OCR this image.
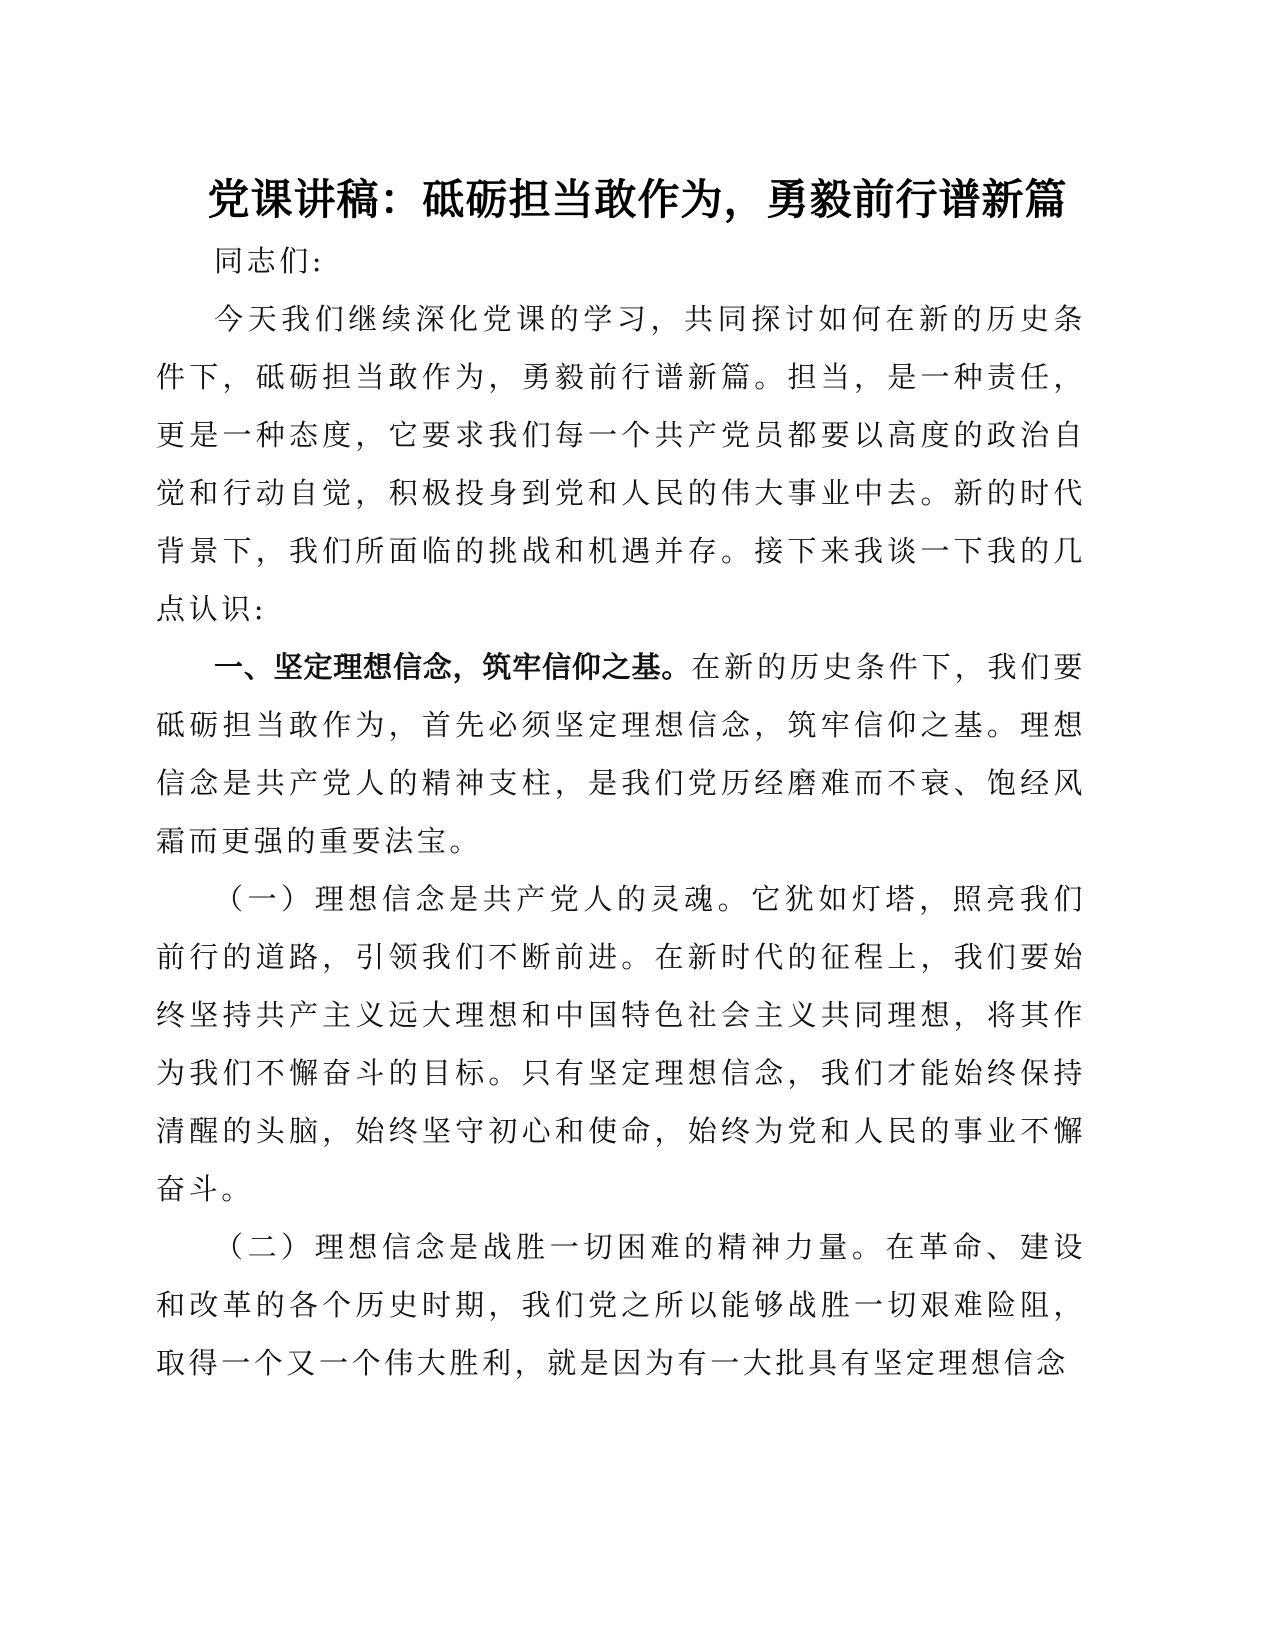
党课讲稿：砥砺担当敢作为，勇毅前行谱新篇

同志们:

今天我们继续深化党课的学习，共同探讨如何在新的历史条件下，砥砺担当敢作为，勇毅前行谱新篇。担当，是一种责任，更是一种态度，它要求我们每一个共产党员都要以高度的政治自觉和行动自觉，积极投身到党和人民的伟大事业中去。新的时代背景下，我们所面临的挑战和机遇并存。接下来我谈一下我的几点认识:

一、坚定理想信念，筑牢信仰之基。在新的历史条件下，我们要砥砺担当敢作为，首先必须坚定理想信念，筑牢信仰之基。理想信念是共产党人的精神支柱，是我们党历经磨难而不衰、饱经风霜而更强的重要法宝。

（一）理想信念是共产党人的灵魂。它犹如灯塔，照亮我们前行的道路，引领我们不断前进。在新时代的征程上，我们要始终坚持共产主义远大理想和中国特色社会主义共同理想，将其作为我们不懈奋斗的目标。只有坚定理想信念，我们才能始终保持清醒的头脑，始终坚守初心和使命，始终为党和人民的事业不懈奋斗。

（二）理想信念是战胜一切困难的精神力量。在革命、建设和改革的各个历史时期，我们党之所以能够战胜一切艰难险阻，取得一个又一个伟大胜利，就是因为有一大批具有坚定理想信念
